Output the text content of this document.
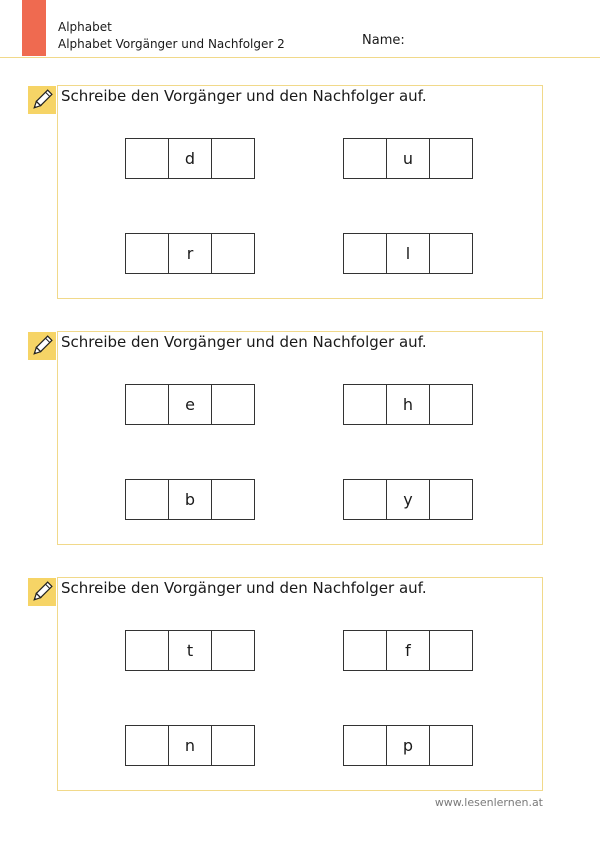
Alphabet
Alphabet Vorgänger und Nachfolger 2	Name:
Schreibe den Vorgänger und den Nachfolger auf.
d	u
r	l
Schreibe den Vorgänger und den Nachfolger auf.
e	h
b	y
Schreibe den Vorgänger und den Nachfolger auf.
t	f
n	p
www.lesenlernen.at
